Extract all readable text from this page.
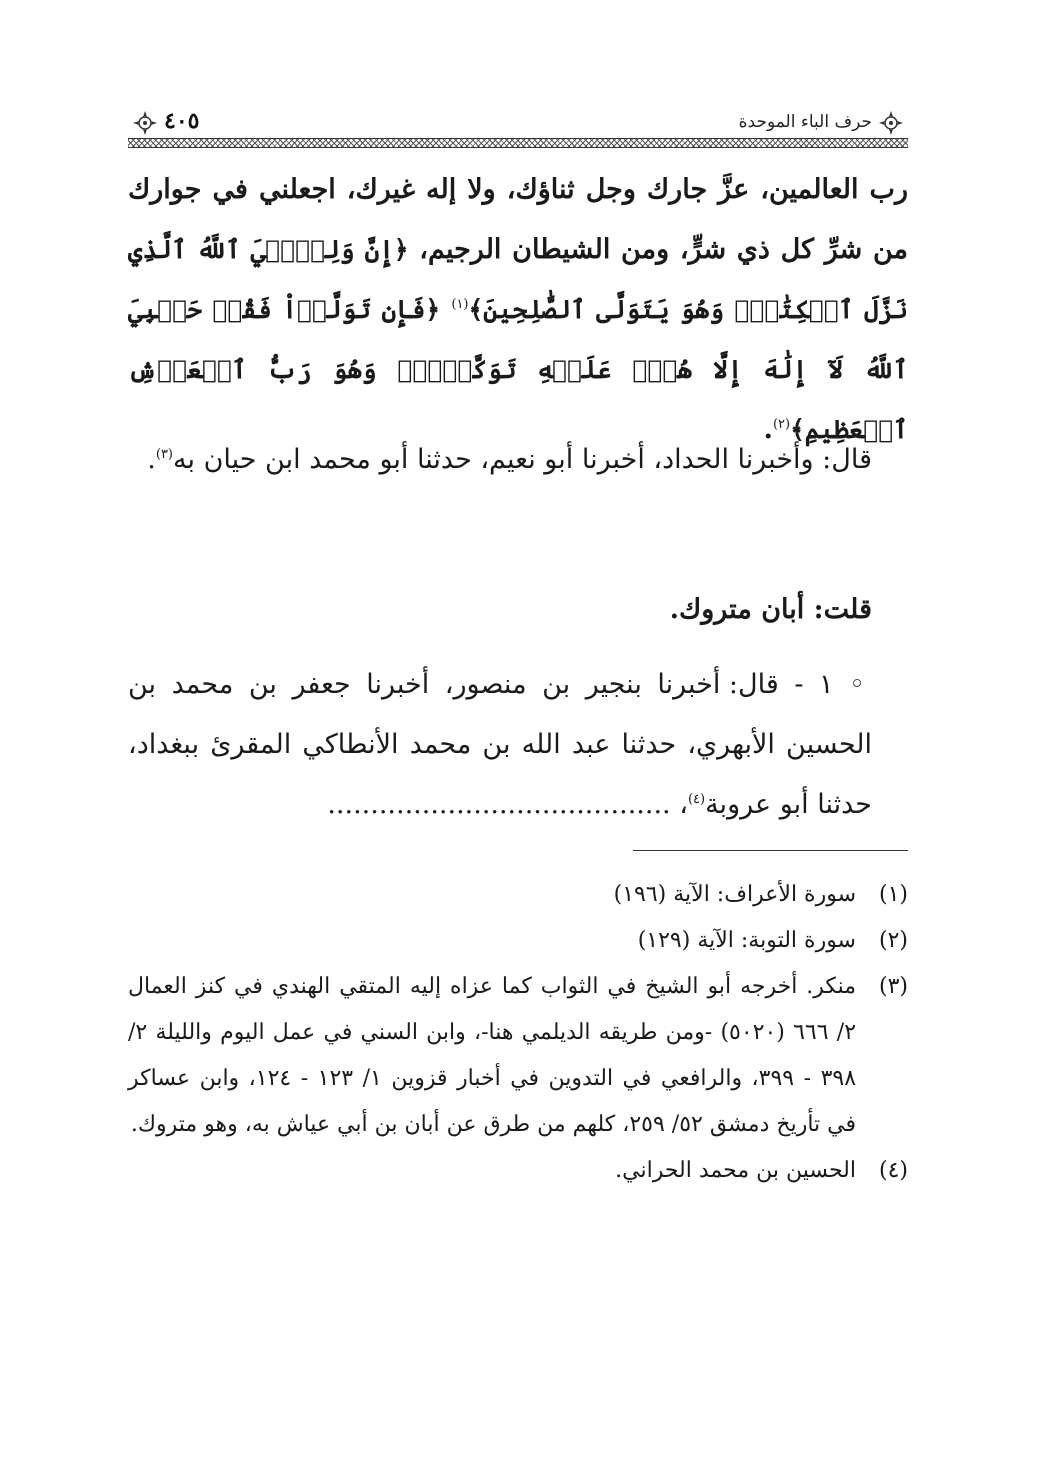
حرف الباء الموحدة
٤٠٥

رب العالمين، عزَّ جارك وجل ثناؤك، ولا إله غيرك، اجعلني في جوارك من شرِّ كل ذي شرٍّ، ومن الشيطان الرجيم، ﴿إِنَّ وَلِـِّۧيَ ٱللَّهُ ٱلَّذِي نَزَّلَ ٱلۡكِتَٰبَۖ وَهُوَ يَتَوَلَّى ٱلصَّٰلِحِينَ﴾$^{(١)}$ ﴿فَإِن تَوَلَّوۡاْ فَقُلۡ حَسۡبِيَ ٱللَّهُ لَآ إِلَٰهَ إِلَّا هُوَۖ عَلَيۡهِ تَوَكَّلۡتُۖ وَهُوَ رَبُّ ٱلۡعَرۡشِ ٱلۡعَظِيمِ﴾$^{(٢)}$.

قال: وأخبرنا الحداد، أخبرنا أبو نعيم، حدثنا أبو محمد ابن حيان به$^{(٣)}$.

قلت: أبان متروك.

◦ ١ - قال: أخبرنا بنجير بن منصور، أخبرنا جعفر بن محمد بن الحسين الأبهري، حدثنا عبد الله بن محمد الأنطاكي المقرئ ببغداد، حدثنا أبو عروبة$^{(٤)}$، ........................................

(١)
سورة الأعراف: الآية (١٩٦)
(٢)
سورة التوبة: الآية (١٢٩)
(٣)
منكر. أخرجه أبو الشيخ في الثواب كما عزاه إليه المتقي الهندي في كنز العمال ٢/ ٦٦٦ (٥٠٢٠) -ومن طريقه الديلمي هنا-، وابن السني في عمل اليوم والليلة ٢/ ٣٩٨ - ٣٩٩، والرافعي في التدوين في أخبار قزوين ١/ ١٢٣ - ١٢٤، وابن عساكر في تأريخ دمشق ٥٢/ ٢٥٩، كلهم من طرق عن أبان بن أبي عياش به، وهو متروك.
(٤)
الحسين بن محمد الحراني.
